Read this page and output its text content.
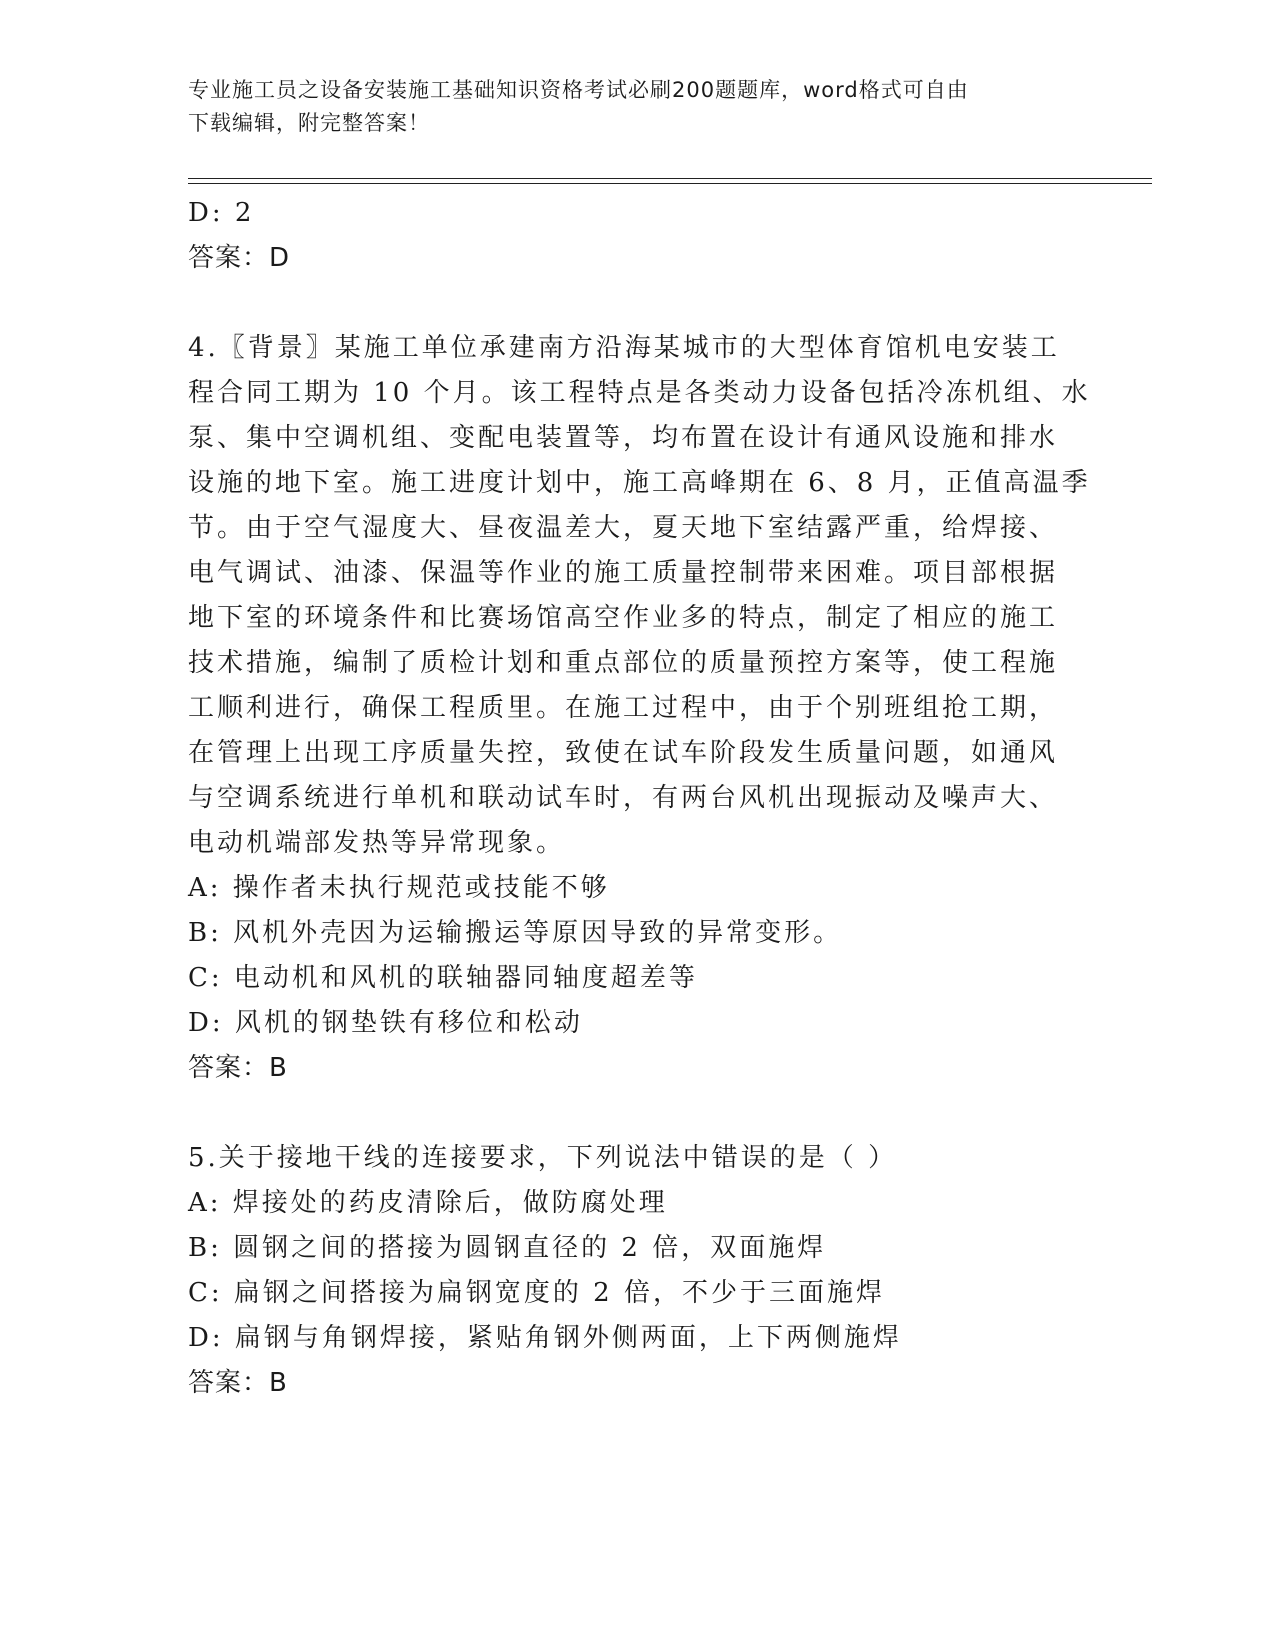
专业施工员之设备安装施工基础知识资格考试必刷200题题库，word格式可自由
下载编辑，附完整答案！
D: 2
答案：D
4.〖背景〗某施工单位承建南方沿海某城市的大型体育馆机电安装工
程合同工期为 10 个月。该工程特点是各类动力设备包括冷冻机组、水
泵、集中空调机组、变配电装置等，均布置在设计有通风设施和排水
设施的地下室。施工进度计划中，施工高峰期在 6、8 月，正值高温季
节。由于空气湿度大、昼夜温差大，夏天地下室结露严重，给焊接、
电气调试、油漆、保温等作业的施工质量控制带来困难。项目部根据
地下室的环境条件和比赛场馆高空作业多的特点，制定了相应的施工
技术措施，编制了质检计划和重点部位的质量预控方案等，使工程施
工顺利进行，确保工程质里。在施工过程中，由于个别班组抢工期，
在管理上出现工序质量失控，致使在试车阶段发生质量问题，如通风
与空调系统进行单机和联动试车时，有两台风机出现振动及噪声大、
电动机端部发热等异常现象。
A: 操作者未执行规范或技能不够
B: 风机外壳因为运输搬运等原因导致的异常变形。
C: 电动机和风机的联轴器同轴度超差等
D: 风机的钢垫铁有移位和松动
答案：B
5.关于接地干线的连接要求，下列说法中错误的是（ ）
A: 焊接处的药皮清除后，做防腐处理
B: 圆钢之间的搭接为圆钢直径的 2 倍，双面施焊
C: 扁钢之间搭接为扁钢宽度的 2 倍，不少于三面施焊
D: 扁钢与角钢焊接，紧贴角钢外侧两面，上下两侧施焊
答案：B
